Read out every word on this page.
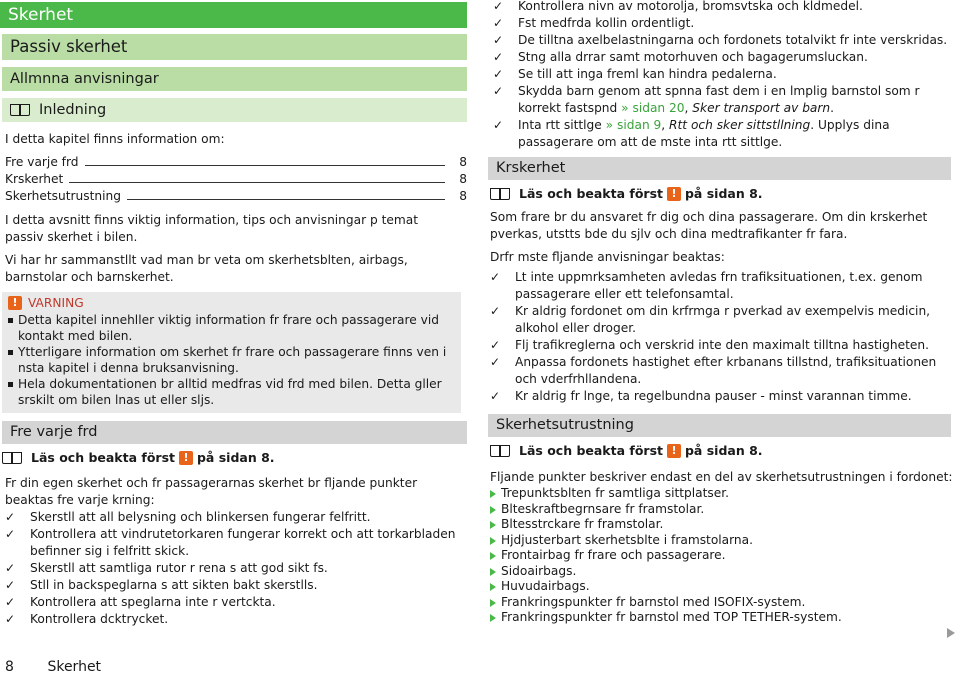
Skerhet
Passiv skerhet
Allmnna anvisningar
Inledning
I detta kapitel finns information om:
Fre varje frd	8
Krskerhet	8
Skerhetsutrustning	8
I detta avsnitt finns viktig information, tips och anvisningar p temat passiv skerhet i bilen.
Vi har hr sammanstllt vad man br veta om skerhetsblten, airbags, barnstolar och barnskerhet.
! VARNING
Detta kapitel innehller viktig information fr frare och passagerare vid kontakt med bilen.
Ytterligare information om skerhet fr frare och passagerare finns ven i nsta kapitel i denna bruksanvisning.
Hela dokumentationen br alltid medfras vid frd med bilen. Detta gller srskilt om bilen lnas ut eller sljs.
Fre varje frd
Läs och beakta först ! på sidan 8.
Fr din egen skerhet och fr passagerarnas skerhet br fljande punkter beaktas fre varje krning:
✓ Skerstll att all belysning och blinkersen fungerar felfritt.
✓ Kontrollera att vindrutetorkaren fungerar korrekt och att torkarbladen befinner sig i felfritt skick.
✓ Skerstll att samtliga rutor r rena s att god sikt fs.
✓ Stll in backspeglarna s att sikten bakt skerstlls.
✓ Kontrollera att speglarna inte r vertckta.
✓ Kontrollera dcktrycket.
8 Skerhet
✓ Kontrollera nivn av motorolja, bromsvtska och kldmedel.
✓ Fst medfrda kollin ordentligt.
✓ De tilltna axelbelastningarna och fordonets totalvikt fr inte verskridas.
✓ Stng alla drrar samt motorhuven och bagagerumsluckan.
✓ Se till att inga freml kan hindra pedalerna.
✓ Skydda barn genom att spnna fast dem i en lmplig barnstol som r korrekt fastspnd » sidan 20, Sker transport av barn.
✓ Inta rtt sittlge » sidan 9, Rtt och sker sittstllning. Upplys dina passagerare om att de mste inta rtt sittlge.
Krskerhet
Läs och beakta först ! på sidan 8.
Som frare br du ansvaret fr dig och dina passagerare. Om din krskerhet pverkas, utstts bde du sjlv och dina medtrafikanter fr fara.
Drfr mste fljande anvisningar beaktas:
✓ Lt inte uppmrksamheten avledas frn trafiksituationen, t.ex. genom passagerare eller ett telefonsamtal.
✓ Kr aldrig fordonet om din krfrmga r pverkad av exempelvis medicin, alkohol eller droger.
✓ Flj trafikreglerna och verskrid inte den maximalt tilltna hastigheten.
✓ Anpassa fordonets hastighet efter krbanans tillstnd, trafiksituationen och vderfrhllandena.
✓ Kr aldrig fr lnge, ta regelbundna pauser - minst varannan timme.
Skerhetsutrustning
Läs och beakta först ! på sidan 8.
Fljande punkter beskriver endast en del av skerhetsutrustningen i fordonet:
Trepunktsblten fr samtliga sittplatser.
Blteskraftbegrnsare fr framstolar.
Bltesstrckare fr framstolar.
Hjdjusterbart skerhetsblte i framstolarna.
Frontairbag fr frare och passagerare.
Sidoairbags.
Huvudairbags.
Frankringspunkter fr barnstol med ISOFIX-system.
Frankringspunkter fr barnstol med TOP TETHER-system.
